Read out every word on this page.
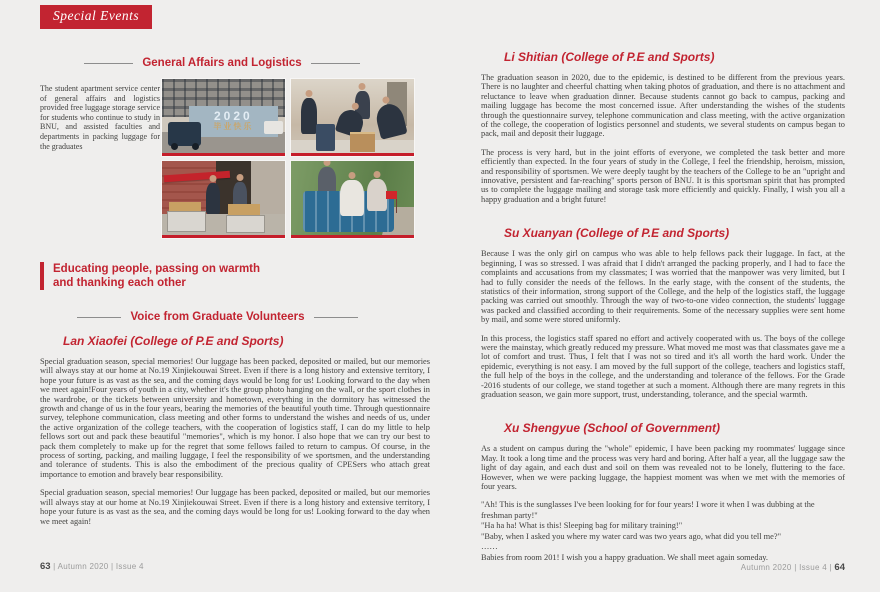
Special Events
General Affairs and Logistics

The student apartment service center of general affairs and logistics provided free luggage storage service for students who continue to study in BNU, and assisted faculties and departments in packing luggage for the graduates

2020
毕业快乐
Educating people, passing on warmth
and thanking each other
Voice from Graduate Volunteers
Lan Xiaofei (College of P.E and Sports)

Special graduation season, special memories! Our luggage has been packed, deposited or mailed, but our memories will always stay at our home at No.19 Xinjiekouwai Street. Even if there is a long history and extensive territory, I hope your future is as vast as the sea, and the coming days would be long for us! Looking forward to the day when we meet again!Four years of youth in a city, whether it's the group photo hanging on the wall, or the sport clothes in the wardrobe, or the tickets between university and hometown, everything in the dormitory has witnessed the growth and change of us in the four years, bearing the memories of the beautiful youth time. Through questionnaire survey, telephone communication, class meeting and other forms to understand the wishes and needs of us, under the active organization of the college teachers, with the cooperation of logistics staff, I can do my little to help fellows sort out and pack these beautiful "memories", which is my honor. I also hope that we can try our best to pack them completely to make up for the regret that some fellows failed to return to campus. Of course, in the process of sorting, packing, and mailing luggage, I feel the responsibility of we sportsmen, and the understanding and tolerance of students. This is also the embodiment of the precious quality of CPESers who attach great importance to emotion and bravely bear responsibility.

Special graduation season, special memories! Our luggage has been packed, deposited or mailed, but our memories will always stay at our home at No.19 Xinjiekouwai Street. Even if there is a long history and extensive territory, I hope your future is as vast as the sea, and the coming days would be long for us! Looking forward to the day when we meet again!

Li Shitian (College of P.E and Sports)

The graduation season in 2020, due to the epidemic, is destined to be different from the previous years. There is no laughter and cheerful chatting when taking photos of graduation, and there is no attachment and reluctance to leave when graduation dinner. Because students cannot go back to campus, packing and mailing luggage has become the most concerned issue. After understanding the wishes of the students through the questionnaire survey, telephone communication and class meeting, with the active organization of the college, the cooperation of logistics personnel and students, we several students on campus began to pack, mail and deposit their luggage.

The process is very hard, but in the joint efforts of everyone, we completed the task better and more efficiently than expected. In the four years of study in the College, I feel the friendship, heroism, mission, and responsibility of sportsmen. We were deeply taught by the teachers of the College to be an "upright and innovative, persistent and far-reaching" sports person of BNU. It is this sportsman spirit that has prompted us to complete the luggage mailing and storage task more efficiently and quickly. Finally, I wish you all a happy graduation and a bright future!

Su Xuanyan (College of P.E and Sports)

Because I was the only girl on campus who was able to help fellows pack their luggage. In fact, at the beginning, I was so stressed. I was afraid that I didn't arranged the packing properly, and I had to face the complaints and accusations from my classmates; I was worried that the manpower was very limited, but I had to fully consider the needs of the fellows. In the early stage, with the consent of the students, the statistics of their information, strong support of the College, and the help of the logistics staff, the luggage packing was carried out smoothly. Through the way of two-to-one video connection, the students' luggage was packed and classified according to their requirements. Some of the necessary supplies were sent home by mail, and some were stored uniformly.

In this process, the logistics staff spared no effort and actively cooperated with us. The boys of the college were the mainstay, which greatly reduced my pressure. What moved me most was that classmates gave me a lot of comfort and trust. Thus, I felt that I was not so tired and it's all worth the hard work. Under the epidemic, everything is not easy. I am moved by the full support of the college, teachers and logistics staff, the full help of the boys in the college, and the understanding and tolerance of the fellows. For the Grade -2016 students of our college, we stand together at such a moment. Although there are many regrets in this graduation season, we gain more support, trust, understanding, tolerance, and the special warmth.

Xu Shengyue (School of Government)

As a student on campus during the "whole" epidemic, I have been packing my roommates' luggage since May. It took a long time and the process was very hard and boring. After half a year, all the luggage saw the light of day again, and each dust and soil on them was revealed not to be lonely, fluttering to the face. However, when we were packing luggage, the happiest moment was when we met with the memories of four years.

"Ah! This is the sunglasses I've been looking for for four years! I wore it when I was dubbing at the freshman party!"

"Ha ha ha! What is this! Sleeping bag for military training!"

"Baby, when I asked you where my water card was two years ago, what did you tell me?"

……

Babies from room 201! I wish you a happy graduation. We shall meet again someday.

63 | Autumn 2020 | Issue 4	Autumn 2020 | Issue 4 | 64
